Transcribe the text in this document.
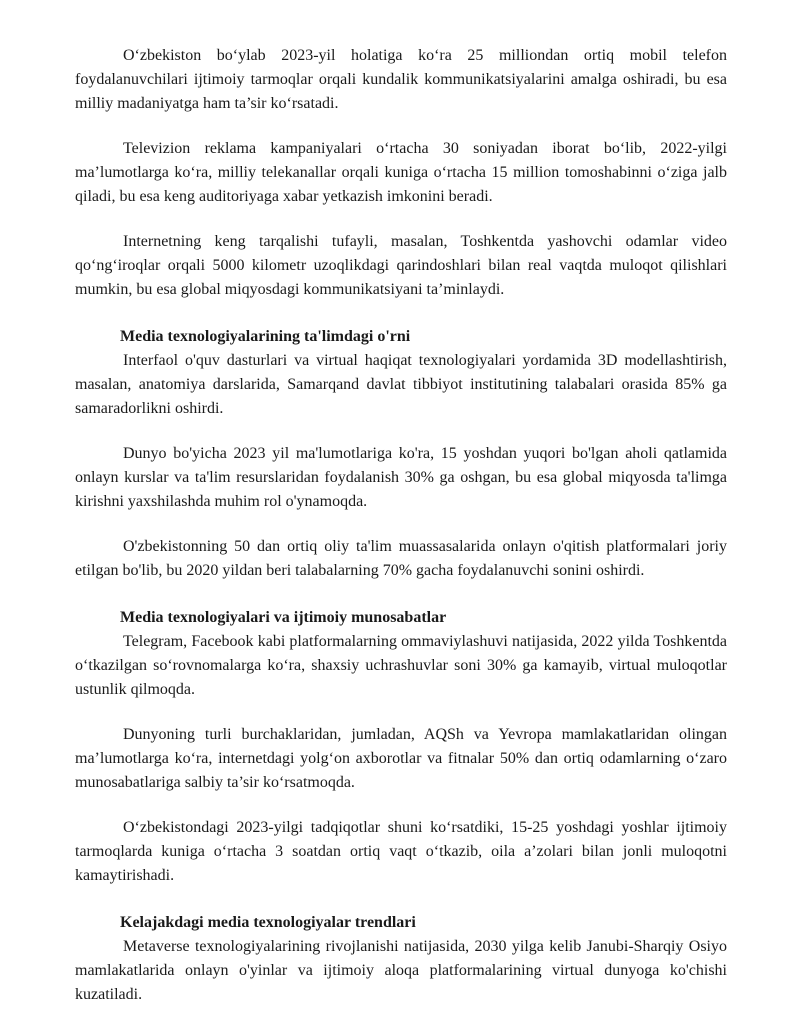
O‘zbekiston bo‘ylab 2023-yil holatiga ko‘ra 25 milliondan ortiq mobil telefon foydalanuvchilari ijtimoiy tarmoqlar orqali kundalik kommunikatsiyalarini amalga oshiradi, bu esa milliy madaniyatga ham ta’sir ko‘rsatadi.

Televizion reklama kampaniyalari o‘rtacha 30 soniyadan iborat bo‘lib, 2022-yilgi ma’lumotlarga ko‘ra, milliy telekanallar orqali kuniga o‘rtacha 15 million tomoshabinni o‘ziga jalb qiladi, bu esa keng auditoriyaga xabar yetkazish imkonini beradi.

Internetning keng tarqalishi tufayli, masalan, Toshkentda yashovchi odamlar video qo‘ng‘iroqlar orqali 5000 kilometr uzoqlikdagi qarindoshlari bilan real vaqtda muloqot qilishlari mumkin, bu esa global miqyosdagi kommunikatsiyani ta’minlaydi.

Media texnologiyalarining ta'limdagi o'rni

Interfaol o'quv dasturlari va virtual haqiqat texnologiyalari yordamida 3D modellashtirish, masalan, anatomiya darslarida, Samarqand davlat tibbiyot institutining talabalari orasida 85% ga samaradorlikni oshirdi.

Dunyo bo'yicha 2023 yil ma'lumotlariga ko'ra, 15 yoshdan yuqori bo'lgan aholi qatlamida onlayn kurslar va ta'lim resurslaridan foydalanish 30% ga oshgan, bu esa global miqyosda ta'limga kirishni yaxshilashda muhim rol o'ynamoqda.

O'zbekistonning 50 dan ortiq oliy ta'lim muassasalarida onlayn o'qitish platformalari joriy etilgan bo'lib, bu 2020 yildan beri talabalarning 70% gacha foydalanuvchi sonini oshirdi.

Media texnologiyalari va ijtimoiy munosabatlar

Telegram, Facebook kabi platformalarning ommaviylashuvi natijasida, 2022 yilda Toshkentda o‘tkazilgan so‘rovnomalarga ko‘ra, shaxsiy uchrashuvlar soni 30% ga kamayib, virtual muloqotlar ustunlik qilmoqda.

Dunyoning turli burchaklaridan, jumladan, AQSh va Yevropa mamlakatlaridan olingan ma’lumotlarga ko‘ra, internetdagi yolg‘on axborotlar va fitnalar 50% dan ortiq odamlarning o‘zaro munosabatlariga salbiy ta’sir ko‘rsatmoqda.

O‘zbekistondagi 2023-yilgi tadqiqotlar shuni ko‘rsatdiki, 15-25 yoshdagi yoshlar ijtimoiy tarmoqlarda kuniga o‘rtacha 3 soatdan ortiq vaqt o‘tkazib, oila a’zolari bilan jonli muloqotni kamaytirishadi.

Kelajakdagi media texnologiyalar trendlari

Metaverse texnologiyalarining rivojlanishi natijasida, 2030 yilga kelib Janubi-Sharqiy Osiyo mamlakatlarida onlayn o'yinlar va ijtimoiy aloqa platformalarining virtual dunyoga ko'chishi kuzatiladi.
